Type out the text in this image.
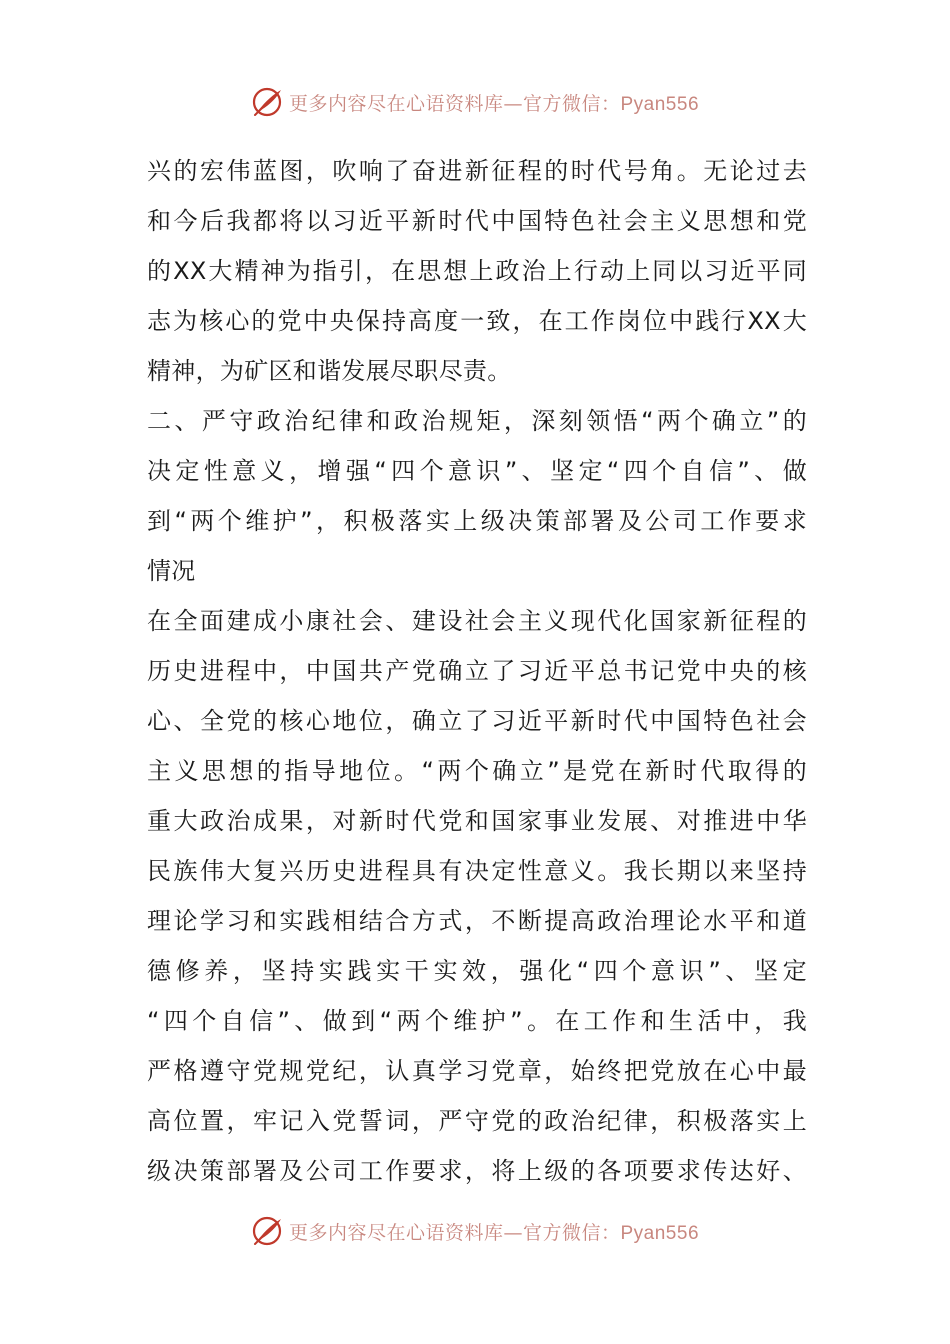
更多内容尽在心语资料库—官方微信：Pyan556
兴的宏伟蓝图，吹响了奋进新征程的时代号角。无论过去
和今后我都将以习近平新时代中国特色社会主义思想和党
的XX大精神为指引，在思想上政治上行动上同以习近平同
志为核心的党中央保持高度一致，在工作岗位中践行XX大
精神，为矿区和谐发展尽职尽责。
二、严守政治纪律和政治规矩，深刻领悟“两个确立”的
决定性意义，增强“四个意识”、坚定“四个自信”、做
到“两个维护”，积极落实上级决策部署及公司工作要求
情况
在全面建成小康社会、建设社会主义现代化国家新征程的
历史进程中，中国共产党确立了习近平总书记党中央的核
心、全党的核心地位，确立了习近平新时代中国特色社会
主义思想的指导地位。“两个确立”是党在新时代取得的
重大政治成果，对新时代党和国家事业发展、对推进中华
民族伟大复兴历史进程具有决定性意义。我长期以来坚持
理论学习和实践相结合方式，不断提高政治理论水平和道
德修养，坚持实践实干实效，强化“四个意识”、坚定
“四个自信”、做到“两个维护”。在工作和生活中，我
严格遵守党规党纪，认真学习党章，始终把党放在心中最
高位置，牢记入党誓词，严守党的政治纪律，积极落实上
级决策部署及公司工作要求，将上级的各项要求传达好、
更多内容尽在心语资料库—官方微信：Pyan556
